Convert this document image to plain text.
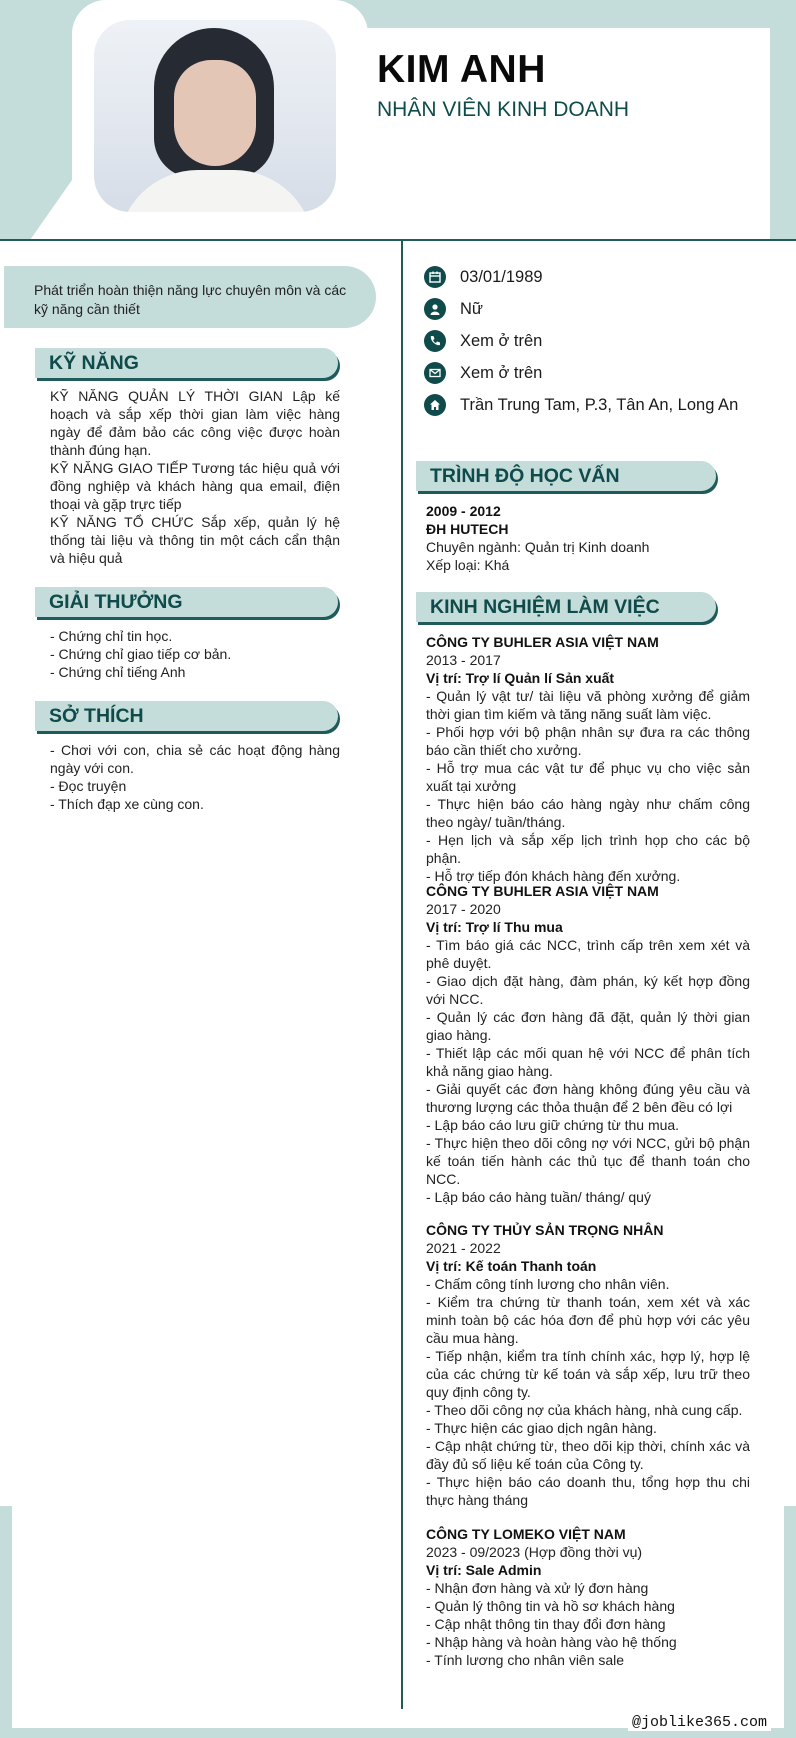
KIM ANH
NHÂN VIÊN KINH DOANH
Phát triển hoàn thiện năng lực chuyên môn và các kỹ năng cần thiết
KỸ NĂNG
KỸ NĂNG QUẢN LÝ THỜI GIAN Lập kế hoạch và sắp xếp thời gian làm việc hàng ngày để đảm bảo các công việc được hoàn thành đúng hạn.
KỸ NĂNG GIAO TIẾP Tương tác hiệu quả với đồng nghiệp và khách hàng qua email, điện thoại và gặp trực tiếp
KỸ NĂNG TỔ CHỨC Sắp xếp, quản lý hệ thống tài liệu và thông tin một cách cẩn thận và hiệu quả
GIẢI THƯỞNG
- Chứng chỉ tin học.
- Chứng chỉ giao tiếp cơ bản.
- Chứng chỉ tiếng Anh
SỞ THÍCH
- Chơi với con, chia sẻ các hoạt động hàng ngày với con.
- Đọc truyện
- Thích đạp xe cùng con.
03/01/1989
Nữ
Xem ở trên
Xem ở trên
Trần Trung Tam, P.3, Tân An, Long An
TRÌNH ĐỘ HỌC VẤN
2009 - 2012
ĐH HUTECH
Chuyên ngành: Quản trị Kinh doanh
Xếp loại: Khá
KINH NGHIỆM LÀM VIỆC
CÔNG TY BUHLER ASIA VIỆT NAM
2013 - 2017
Vị trí: Trợ lí Quản lí Sản xuất
- Quản lý vật tư/ tài liệu vă phòng xưởng để giảm thời gian tìm kiếm và tăng năng suất làm việc.
- Phối hợp với bộ phận nhân sự đưa ra các thông báo cần thiết cho xưởng.
- Hỗ trợ mua các vật tư để phục vụ cho việc sản xuất tại xưởng
- Thực hiện báo cáo hàng ngày như chấm công theo ngày/ tuần/tháng.
- Hẹn lịch và sắp xếp lịch trình họp cho các bộ phận.
- Hỗ trợ tiếp đón khách hàng đến xưởng.
CÔNG TY BUHLER ASIA VIỆT NAM
2017 - 2020
Vị trí: Trợ lí Thu mua
- Tìm báo giá các NCC, trình cấp trên xem xét và phê duyệt.
- Giao dịch đặt hàng, đàm phán, ký kết hợp đồng với NCC.
- Quản lý các đơn hàng đã đặt, quản lý thời gian giao hàng.
- Thiết lập các mối quan hệ với NCC để phân tích khả năng giao hàng.
- Giải quyết các đơn hàng không đúng yêu cầu và thương lượng các thỏa thuận để 2 bên đều có lợi
- Lập báo cáo lưu giữ chứng từ thu mua.
- Thực hiện theo dõi công nợ với NCC, gửi bộ phận kế toán tiến hành các thủ tục để thanh toán cho NCC.
- Lập báo cáo hàng tuần/ tháng/ quý
CÔNG TY THỦY SẢN TRỌNG NHÂN
2021 - 2022
Vị trí: Kế toán Thanh toán
- Chấm công tính lương cho nhân viên.
- Kiểm tra chứng từ thanh toán, xem xét và xác minh toàn bộ các hóa đơn để phù hợp với các yêu cầu mua hàng.
- Tiếp nhận, kiểm tra tính chính xác, hợp lý, hợp lệ của các chứng từ kế toán và sắp xếp, lưu trữ theo quy định công ty.
- Theo dõi công nợ của khách hàng, nhà cung cấp.
- Thực hiện các giao dịch ngân hàng.
- Cập nhật chứng từ, theo dõi kịp thời, chính xác và đầy đủ số liệu kế toán của Công ty.
- Thực hiện báo cáo doanh thu, tổng hợp thu chi thực hàng tháng
CÔNG TY LOMEKO VIỆT NAM
2023 - 09/2023 (Hợp đồng thời vụ)
Vị trí: Sale Admin
- Nhận đơn hàng và xử lý đơn hàng
- Quản lý thông tin và hồ sơ khách hàng
- Cập nhật thông tin thay đổi đơn hàng
- Nhập hàng và hoàn hàng vào hệ thống
- Tính lương cho nhân viên sale
@joblike365.com
